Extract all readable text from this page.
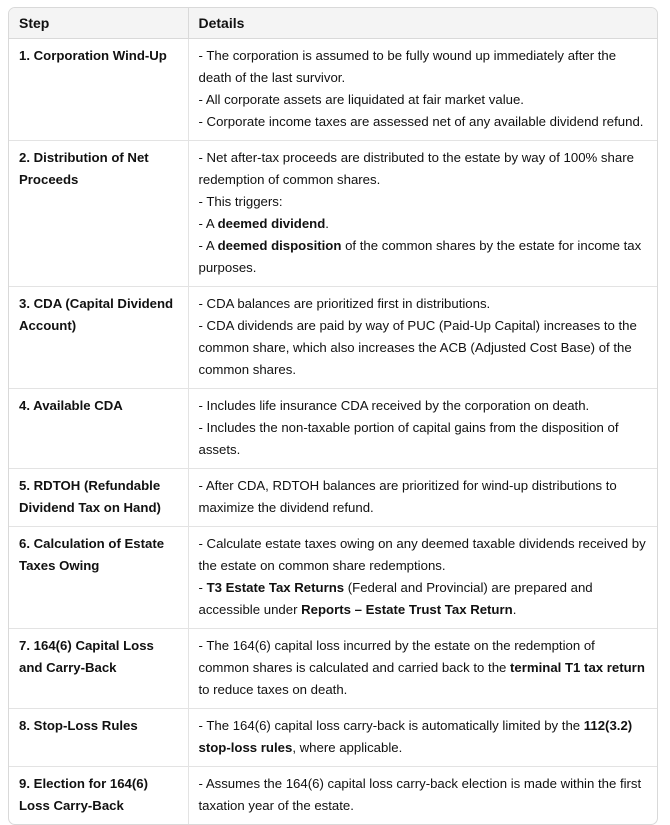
Step	Details
1. Corporation Wind-Up	- The corporation is assumed to be fully wound up immediately after the death of the last survivor.
- All corporate assets are liquidated at fair market value.
- Corporate income taxes are assessed net of any available dividend refund.

2. Distribution of Net Proceeds	- Net after-tax proceeds are distributed to the estate by way of 100% share redemption of common shares.
- This triggers:
- A deemed dividend.
- A deemed disposition of the common shares by the estate for income tax purposes.

3. CDA (Capital Dividend Account)	- CDA balances are prioritized first in distributions.
- CDA dividends are paid by way of PUC (Paid-Up Capital) increases to the common share, which also increases the ACB (Adjusted Cost Base) of the common shares.

4. Available CDA	- Includes life insurance CDA received by the corporation on death.
- Includes the non-taxable portion of capital gains from the disposition of assets.

5. RDTOH (Refundable Dividend Tax on Hand)	- After CDA, RDTOH balances are prioritized for wind-up distributions to maximize the dividend refund.

6. Calculation of Estate Taxes Owing	- Calculate estate taxes owing on any deemed taxable dividends received by the estate on common share redemptions.
- T3 Estate Tax Returns (Federal and Provincial) are prepared and accessible under Reports – Estate Trust Tax Return.

7. 164(6) Capital Loss and Carry-Back	- The 164(6) capital loss incurred by the estate on the redemption of common shares is calculated and carried back to the terminal T1 tax return to reduce taxes on death.

8. Stop-Loss Rules	- The 164(6) capital loss carry-back is automatically limited by the 112(3.2) stop-loss rules, where applicable.

9. Election for 164(6) Loss Carry-Back	- Assumes the 164(6) capital loss carry-back election is made within the first taxation year of the estate.
